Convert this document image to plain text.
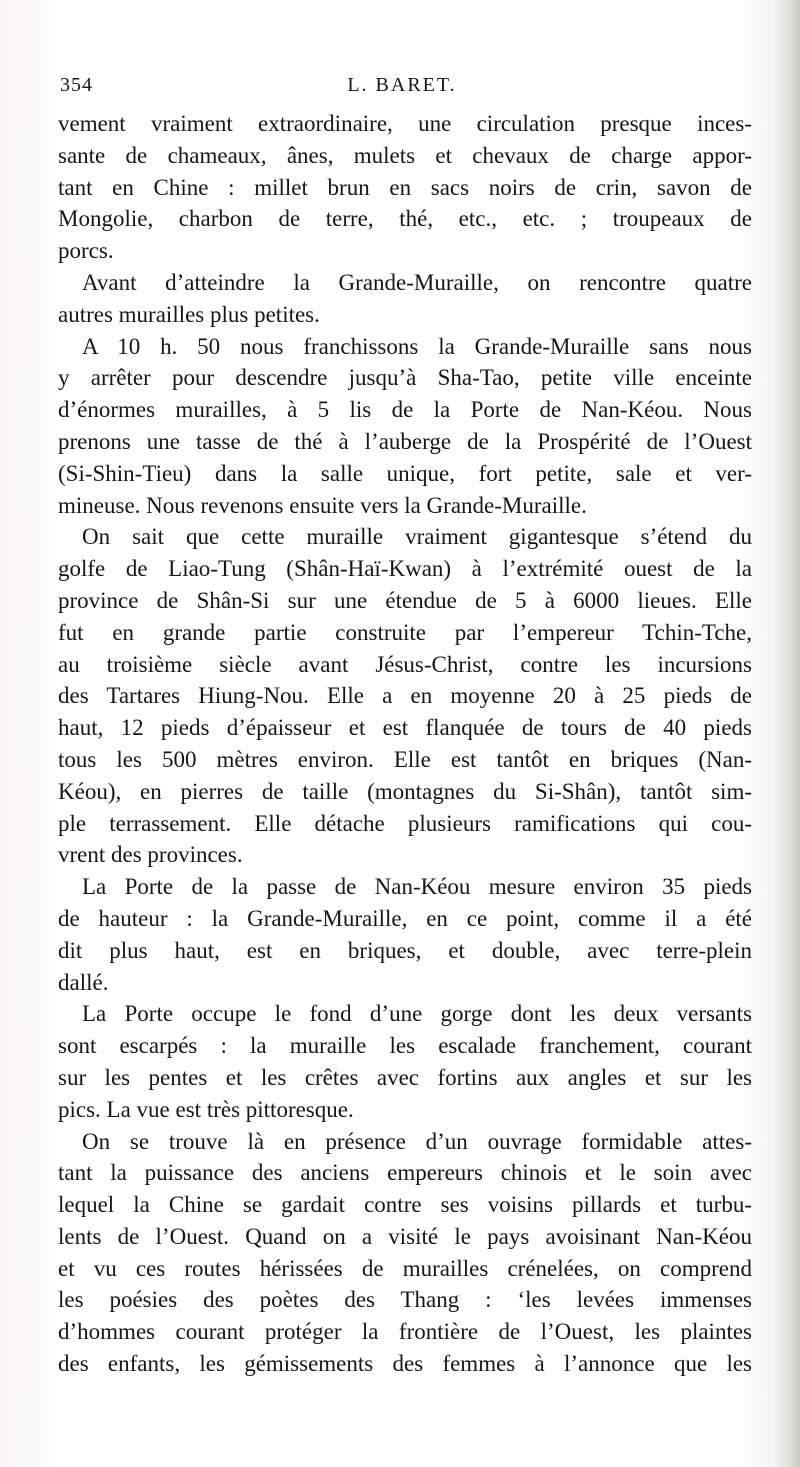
354	L. BARET.
vement vraiment extraordinaire, une circulation presque inces-
sante de chameaux, ânes, mulets et chevaux de charge appor-
tant en Chine : millet brun en sacs noirs de crin, savon de
Mongolie, charbon de terre, thé, etc., etc. ; troupeaux de
porcs.
Avant d’atteindre la Grande-Muraille, on rencontre quatre
autres murailles plus petites.
A 10 h. 50 nous franchissons la Grande-Muraille sans nous
y arrêter pour descendre jusqu’à Sha-Tao, petite ville enceinte
d’énormes murailles, à 5 lis de la Porte de Nan-Kéou. Nous
prenons une tasse de thé à l’auberge de la Prospérité de l’Ouest
(Si-Shin-Tieu) dans la salle unique, fort petite, sale et ver-
mineuse. Nous revenons ensuite vers la Grande-Muraille.
On sait que cette muraille vraiment gigantesque s’étend du
golfe de Liao-Tung (Shân-Haï-Kwan) à l’extrémité ouest de la
province de Shân-Si sur une étendue de 5 à 6000 lieues. Elle
fut en grande partie construite par l’empereur Tchin-Tche,
au troisième siècle avant Jésus-Christ, contre les incursions
des Tartares Hiung-Nou. Elle a en moyenne 20 à 25 pieds de
haut, 12 pieds d’épaisseur et est flanquée de tours de 40 pieds
tous les 500 mètres environ. Elle est tantôt en briques (Nan-
Kéou), en pierres de taille (montagnes du Si-Shân), tantôt sim-
ple terrassement. Elle détache plusieurs ramifications qui cou-
vrent des provinces.
La Porte de la passe de Nan-Kéou mesure environ 35 pieds
de hauteur : la Grande-Muraille, en ce point, comme il a été
dit plus haut, est en briques, et double, avec terre-plein
dallé.
La Porte occupe le fond d’une gorge dont les deux versants
sont escarpés : la muraille les escalade franchement, courant
sur les pentes et les crêtes avec fortins aux angles et sur les
pics. La vue est très pittoresque.
On se trouve là en présence d’un ouvrage formidable attes-
tant la puissance des anciens empereurs chinois et le soin avec
lequel la Chine se gardait contre ses voisins pillards et turbu-
lents de l’Ouest. Quand on a visité le pays avoisinant Nan-Kéou
et vu ces routes hérissées de murailles crénelées, on comprend
les poésies des poètes des Thang : ‘les levées immenses
d’hommes courant protéger la frontière de l’Ouest, les plaintes
des enfants, les gémissements des femmes à l’annonce que les
